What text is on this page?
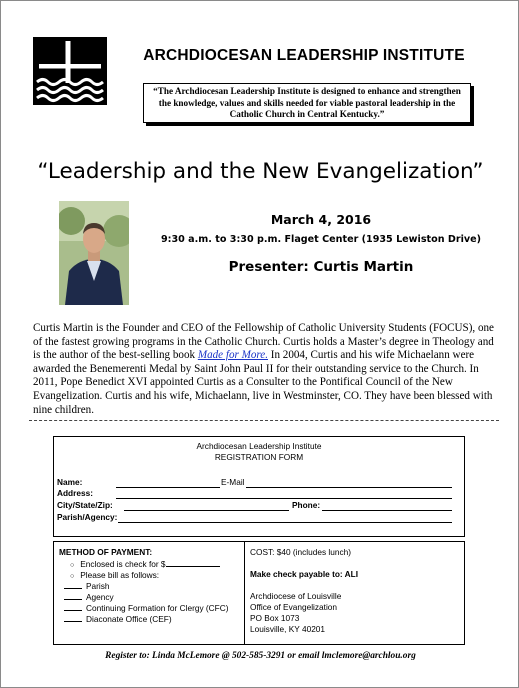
ARCHDIOCESAN LEADERSHIP INSTITUTE
“The Archdiocesan Leadership Institute is designed to enhance and strengthen the knowledge, values and skills needed for viable pastoral leadership in the Catholic Church in Central Kentucky.”
“Leadership and the New Evangelization”
March 4, 2016
9:30 a.m. to 3:30 p.m. Flaget Center (1935 Lewiston Drive)
Presenter: Curtis Martin
Curtis Martin is the Founder and CEO of the Fellowship of Catholic University Students (FOCUS), one of the fastest growing programs in the Catholic Church. Curtis holds a Master’s degree in Theology and is the author of the best-selling book Made for More. In 2004, Curtis and his wife Michaelann were awarded the Benemerenti Medal by Saint John Paul II for their outstanding service to the Church. In 2011, Pope Benedict XVI appointed Curtis as a Consulter to the Pontifical Council of the New Evangelization. Curtis and his wife, Michaelann, live in Westminster, CO. They have been blessed with nine children.
Archdiocesan Leadership Institute
REGISTRATION FORM
Name:	E-Mail
Address:
City/State/Zip:	Phone:
Parish/Agency:
METHOD OF PAYMENT:
○ Enclosed is check for $
○ Please bill as follows:
Parish
Agency
Continuing Formation for Clergy (CFC)
Diaconate Office (CEF)
COST: $40 (includes lunch)
Make check payable to: ALI
Archdiocese of Louisville
Office of Evangelization
PO Box 1073
Louisville, KY 40201
Register to: Linda McLemore @ 502-585-3291 or email lmclemore@archlou.org
